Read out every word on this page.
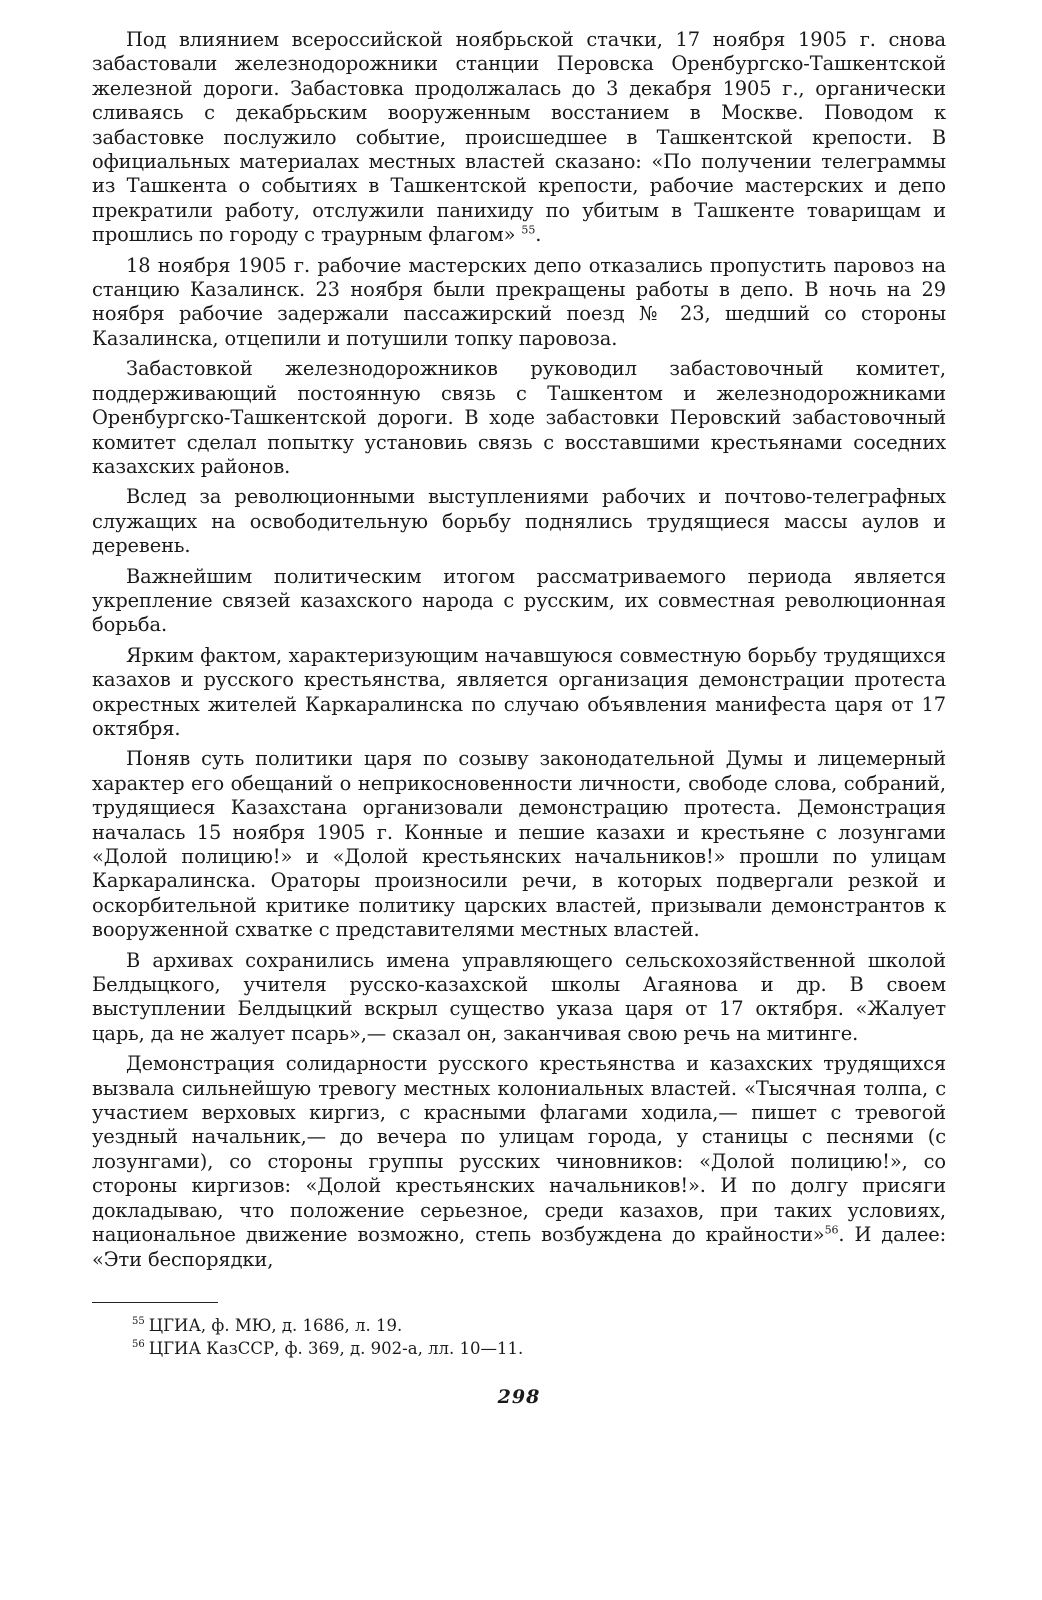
Под влиянием всероссийской ноябрьской стачки, 17 ноября 1905 г. снова забастовали железнодорожники станции Перовска Оренбургско-Ташкентской железной дороги. Забастовка продолжалась до 3 декабря 1905 г., органически сливаясь с декабрьским вооруженным восстанием в Москве. Поводом к забастовке послужило событие, происшедшее в Ташкентской крепости. В официальных материалах местных властей сказано: «По получении телеграммы из Ташкента о событиях в Ташкентской крепости, рабочие мастерских и депо прекратили работу, отслужили панихиду по убитым в Ташкенте товарищам и прошлись по городу с траурным флагом» $^{55}$.

18 ноября 1905 г. рабочие мастерских депо отказались пропустить паровоз на станцию Казалинск. 23 ноября были прекращены работы в депо. В ночь на 29 ноября рабочие задержали пассажирский поезд № 23, шедший со стороны Казалинска, отцепили и потушили топку паровоза.

Забастовкой железнодорожников руководил забастовочный комитет, поддерживающий постоянную связь с Ташкентом и железнодорожниками Оренбургско-Ташкентской дороги. В ходе забастовки Перовский забастовочный комитет сделал попытку установиь связь с восставшими крестьянами соседних казахских районов.

Вслед за революционными выступлениями рабочих и почтово-телеграфных служащих на освободительную борьбу поднялись трудящиеся массы аулов и деревень.

Важнейшим политическим итогом рассматриваемого периода является укрепление связей казахского народа с русским, их совместная революционная борьба.

Ярким фактом, характеризующим начавшуюся совместную борьбу трудящихся казахов и русского крестьянства, является организация демонстрации протеста окрестных жителей Каркаралинска по случаю объявления манифеста царя от 17 октября.

Поняв суть политики царя по созыву законодательной Думы и лицемерный характер его обещаний о неприкосновенности личности, свободе слова, собраний, трудящиеся Казахстана организовали демонстрацию протеста. Демонстрация началась 15 ноября 1905 г. Конные и пешие казахи и крестьяне с лозунгами «Долой полицию!» и «Долой крестьянских начальников!» прошли по улицам Каркаралинска. Ораторы произносили речи, в которых подвергали резкой и оскорбительной критике политику царских властей, призывали демонстрантов к вооруженной схватке с представителями местных властей.

В архивах сохранились имена управляющего сельскохозяйственной школой Белдыцкого, учителя русско-казахской школы Агаянова и др. В своем выступлении Белдыцкий вскрыл существо указа царя от 17 октября. «Жалует царь, да не жалует псарь»,— сказал он, заканчивая свою речь на митинге.

Демонстрация солидарности русского крестьянства и казахских трудящихся вызвала сильнейшую тревогу местных колониальных властей. «Тысячная толпа, с участием верховых киргиз, с красными флагами ходила,— пишет с тревогой уездный начальник,— до вечера по улицам города, у станицы с песнями (с лозунгами), со стороны группы русских чиновников: «Долой полицию!», со стороны киргизов: «Долой крестьянских начальников!». И по долгу присяги докладываю, что положение серьезное, среди казахов, при таких условиях, национальное движение возможно, степь возбуждена до крайности»$^{56}$. И далее: «Эти беспорядки,

$^{55}$ ЦГИА, ф. МЮ, д. 1686, л. 19.

$^{56}$ ЦГИА КазССР, ф. 369, д. 902-а, лл. 10—11.

298
